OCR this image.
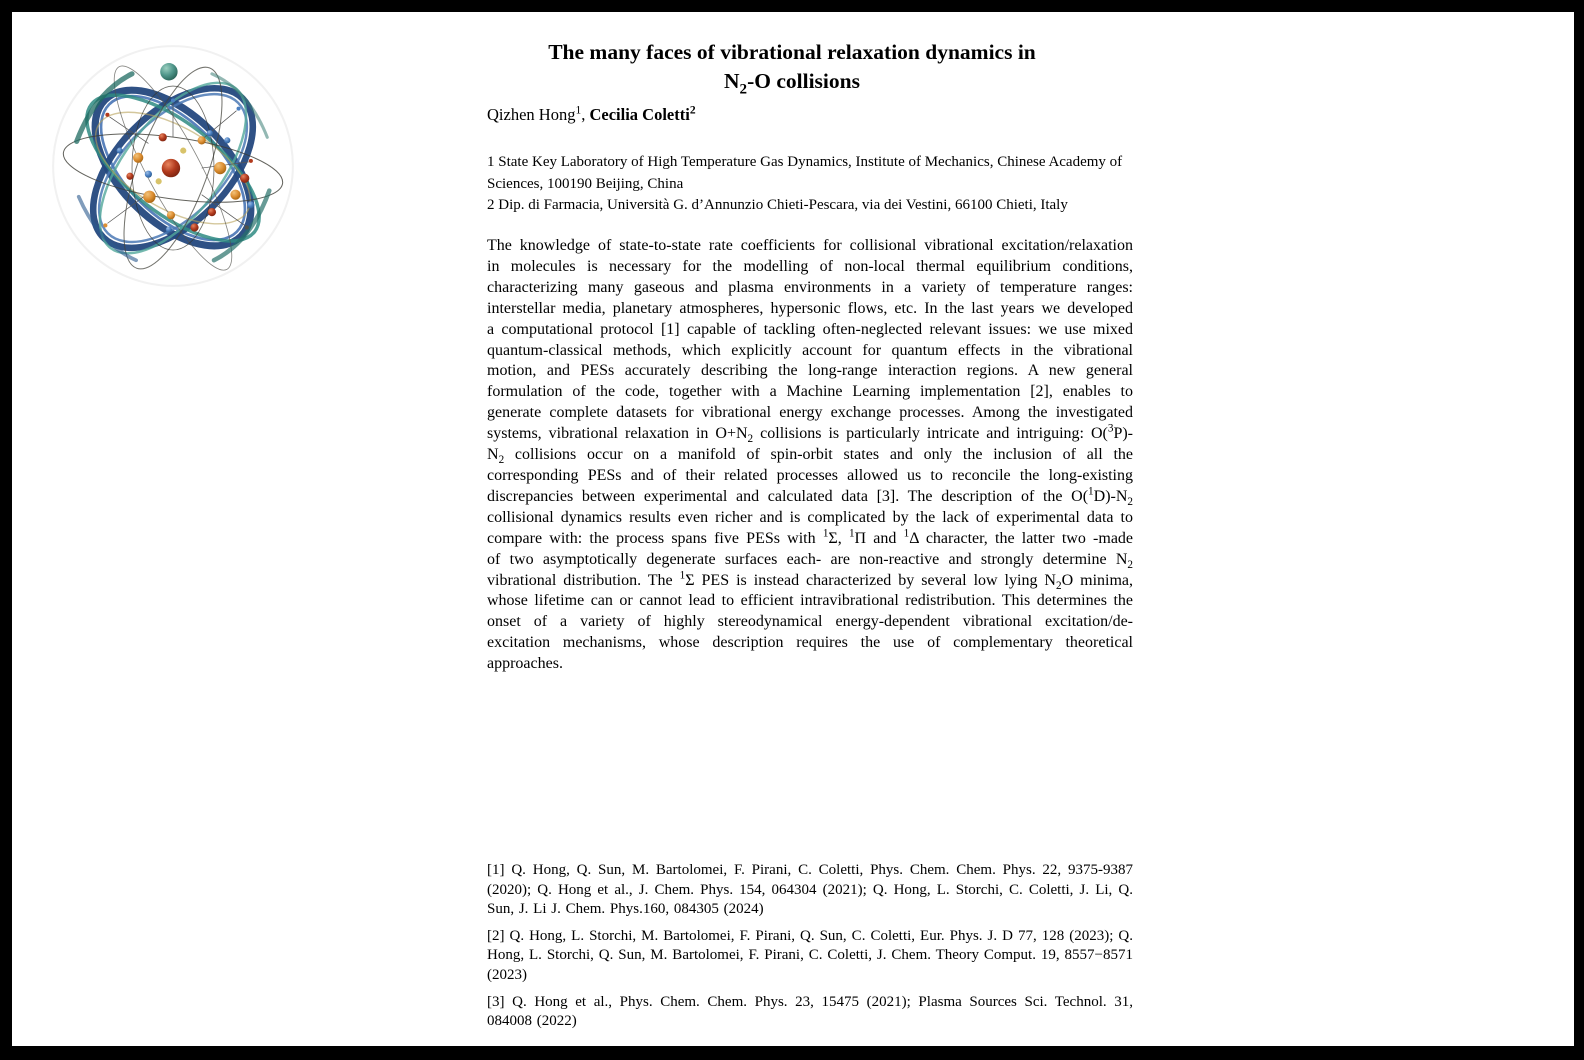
The many faces of vibrational relaxation dynamics in
$N_2-O$ collisions
Qizhen Hong$^1$, Cecilia Coletti$^2$
1 State Key Laboratory of High Temperature Gas Dynamics, Institute of Mechanics, Chinese Academy of Sciences, 100190 Beijing, China
2 Dip. di Farmacia, Università G. d’Annunzio Chieti-Pescara, via dei Vestini, 66100 Chieti, Italy
The knowledge of state-to-state rate coefficients for collisional vibrational excitation/relaxation in molecules is necessary for the modelling of non-local thermal equilibrium conditions, characterizing many gaseous and plasma environments in a variety of temperature ranges: interstellar media, planetary atmospheres, hypersonic flows, etc. In the last years we developed a computational protocol [1] capable of tackling often-neglected relevant issues: we use mixed quantum-classical methods, which explicitly account for quantum effects in the vibrational motion, and PESs accurately describing the long-range interaction regions. A new general formulation of the code, together with a Machine Learning implementation [2], enables to generate complete datasets for vibrational energy exchange processes. Among the investigated systems, vibrational relaxation in $O+N_2$ collisions is particularly intricate and intriguing: $O(^3P)-N_2$ collisions occur on a manifold of spin-orbit states and only the inclusion of all the corresponding PESs and of their related processes allowed us to reconcile the long-existing discrepancies between experimental and calculated data [3]. The description of the $O(^1D)-N_2$ collisional dynamics results even richer and is complicated by the lack of experimental data to compare with: the process spans five PESs with $^1$Σ, $^1$Π and $^1$Δ character, the latter two -made of two asymptotically degenerate surfaces each- are non-reactive and strongly determine $N_2$ vibrational distribution. The $^1$Σ PES is instead characterized by several low lying $N_2O$ minima, whose lifetime can or cannot lead to efficient intravibrational redistribution. This determines the onset of a variety of highly stereodynamical energy-dependent vibrational excitation/de-excitation mechanisms, whose description requires the use of complementary theoretical approaches.

[1] Q. Hong, Q. Sun, M. Bartolomei, F. Pirani, C. Coletti, Phys. Chem. Chem. Phys. 22, 9375-9387 (2020); Q. Hong et al., J. Chem. Phys. 154, 064304 (2021); Q. Hong, L. Storchi, C. Coletti, J. Li, Q. Sun, J. Li J. Chem. Phys.160, 084305 (2024)

[2] Q. Hong, L. Storchi, M. Bartolomei, F. Pirani, Q. Sun, C. Coletti, Eur. Phys. J. D 77, 128 (2023); Q. Hong, L. Storchi, Q. Sun, M. Bartolomei, F. Pirani, C. Coletti, J. Chem. Theory Comput. 19, 8557−8571 (2023)

[3] Q. Hong et al., Phys. Chem. Chem. Phys. 23, 15475 (2021); Plasma Sources Sci. Technol. 31, 084008 (2022)
